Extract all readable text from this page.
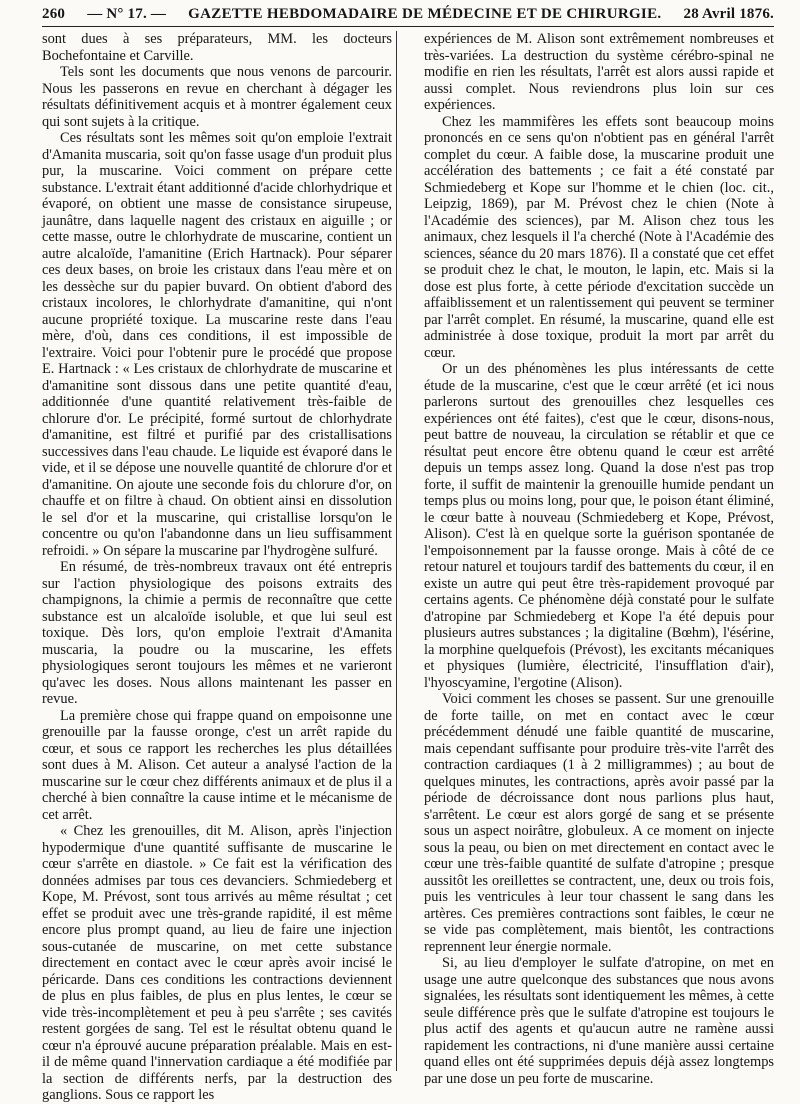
260 — N° 17. — GAZETTE HEBDOMADAIRE DE MÉDECINE ET DE CHIRURGIE. 28 Avril 1876.

sont dues à ses préparateurs, MM. les docteurs Bochefontaine et Carville.

Tels sont les documents que nous venons de parcourir. Nous les passerons en revue en cherchant à dégager les résultats définitivement acquis et à montrer également ceux qui sont sujets à la critique.

Ces résultats sont les mêmes soit qu'on emploie l'extrait d'Amanita muscaria, soit qu'on fasse usage d'un produit plus pur, la muscarine. Voici comment on prépare cette substance. L'extrait étant additionné d'acide chlorhydrique et évaporé, on obtient une masse de consistance sirupeuse, jaunâtre, dans laquelle nagent des cristaux en aiguille ; or cette masse, outre le chlorhydrate de muscarine, contient un autre alcaloïde, l'amanitine (Erich Hartnack). Pour séparer ces deux bases, on broie les cristaux dans l'eau mère et on les dessèche sur du papier buvard. On obtient d'abord des cristaux incolores, le chlorhydrate d'amanitine, qui n'ont aucune propriété toxique. La muscarine reste dans l'eau mère, d'où, dans ces conditions, il est impossible de l'extraire. Voici pour l'obtenir pure le procédé que propose E. Hartnack : « Les cristaux de chlorhydrate de muscarine et d'amanitine sont dissous dans une petite quantité d'eau, additionnée d'une quantité relativement très-faible de chlorure d'or. Le précipité, formé surtout de chlorhydrate d'amanitine, est filtré et purifié par des cristallisations successives dans l'eau chaude. Le liquide est évaporé dans le vide, et il se dépose une nouvelle quantité de chlorure d'or et d'amanitine. On ajoute une seconde fois du chlorure d'or, on chauffe et on filtre à chaud. On obtient ainsi en dissolution le sel d'or et la muscarine, qui cristallise lorsqu'on le concentre ou qu'on l'abandonne dans un lieu suffisamment refroidi. » On sépare la muscarine par l'hydrogène sulfuré.

En résumé, de très-nombreux travaux ont été entrepris sur l'action physiologique des poisons extraits des champignons, la chimie a permis de reconnaître que cette substance est un alcaloïde isoluble, et que lui seul est toxique. Dès lors, qu'on emploie l'extrait d'Amanita muscaria, la poudre ou la muscarine, les effets physiologiques seront toujours les mêmes et ne varieront qu'avec les doses. Nous allons maintenant les passer en revue.

La première chose qui frappe quand on empoisonne une grenouille par la fausse oronge, c'est un arrêt rapide du cœur, et sous ce rapport les recherches les plus détaillées sont dues à M. Alison. Cet auteur a analysé l'action de la muscarine sur le cœur chez différents animaux et de plus il a cherché à bien connaître la cause intime et le mécanisme de cet arrêt.

« Chez les grenouilles, dit M. Alison, après l'injection hypodermique d'une quantité suffisante de muscarine le cœur s'arrête en diastole. » Ce fait est la vérification des données admises par tous ces devanciers. Schmiedeberg et Kope, M. Prévost, sont tous arrivés au même résultat ; cet effet se produit avec une très-grande rapidité, il est même encore plus prompt quand, au lieu de faire une injection sous-cutanée de muscarine, on met cette substance directement en contact avec le cœur après avoir incisé le péricarde. Dans ces conditions les contractions deviennent de plus en plus faibles, de plus en plus lentes, le cœur se vide très-incomplètement et peu à peu s'arrête ; ses cavités restent gorgées de sang. Tel est le résultat obtenu quand le cœur n'a éprouvé aucune préparation préalable. Mais en est-il de même quand l'innervation cardiaque a été modifiée par la section de différents nerfs, par la destruction des ganglions. Sous ce rapport les

expériences de M. Alison sont extrêmement nombreuses et très-variées. La destruction du système cérébro-spinal ne modifie en rien les résultats, l'arrêt est alors aussi rapide et aussi complet. Nous reviendrons plus loin sur ces expériences.

Chez les mammifères les effets sont beaucoup moins prononcés en ce sens qu'on n'obtient pas en général l'arrêt complet du cœur. A faible dose, la muscarine produit une accélération des battements ; ce fait a été constaté par Schmiedeberg et Kope sur l'homme et le chien (loc. cit., Leipzig, 1869), par M. Prévost chez le chien (Note à l'Académie des sciences), par M. Alison chez tous les animaux, chez lesquels il l'a cherché (Note à l'Académie des sciences, séance du 20 mars 1876). Il a constaté que cet effet se produit chez le chat, le mouton, le lapin, etc. Mais si la dose est plus forte, à cette période d'excitation succède un affaiblissement et un ralentissement qui peuvent se terminer par l'arrêt complet. En résumé, la muscarine, quand elle est administrée à dose toxique, produit la mort par arrêt du cœur.

Or un des phénomènes les plus intéressants de cette étude de la muscarine, c'est que le cœur arrêté (et ici nous parlerons surtout des grenouilles chez lesquelles ces expériences ont été faites), c'est que le cœur, disons-nous, peut battre de nouveau, la circulation se rétablir et que ce résultat peut encore être obtenu quand le cœur est arrêté depuis un temps assez long. Quand la dose n'est pas trop forte, il suffit de maintenir la grenouille humide pendant un temps plus ou moins long, pour que, le poison étant éliminé, le cœur batte à nouveau (Schmiedeberg et Kope, Prévost, Alison). C'est là en quelque sorte la guérison spontanée de l'empoisonnement par la fausse oronge. Mais à côté de ce retour naturel et toujours tardif des battements du cœur, il en existe un autre qui peut être très-rapidement provoqué par certains agents. Ce phénomène déjà constaté pour le sulfate d'atropine par Schmiedeberg et Kope l'a été depuis pour plusieurs autres substances ; la digitaline (Bœhm), l'ésérine, la morphine quelquefois (Prévost), les excitants mécaniques et physiques (lumière, électricité, l'insufflation d'air), l'hyoscyamine, l'ergotine (Alison).

Voici comment les choses se passent. Sur une grenouille de forte taille, on met en contact avec le cœur précédemment dénudé une faible quantité de muscarine, mais cependant suffisante pour produire très-vite l'arrêt des contraction cardiaques (1 à 2 milligrammes) ; au bout de quelques minutes, les contractions, après avoir passé par la période de décroissance dont nous parlions plus haut, s'arrêtent. Le cœur est alors gorgé de sang et se présente sous un aspect noirâtre, globuleux. A ce moment on injecte sous la peau, ou bien on met directement en contact avec le cœur une très-faible quantité de sulfate d'atropine ; presque aussitôt les oreillettes se contractent, une, deux ou trois fois, puis les ventricules à leur tour chassent le sang dans les artères. Ces premières contractions sont faibles, le cœur ne se vide pas complètement, mais bientôt, les contractions reprennent leur énergie normale.

Si, au lieu d'employer le sulfate d'atropine, on met en usage une autre quelconque des substances que nous avons signalées, les résultats sont identiquement les mêmes, à cette seule différence près que le sulfate d'atropine est toujours le plus actif des agents et qu'aucun autre ne ramène aussi rapidement les contractions, ni d'une manière aussi certaine quand elles ont été supprimées depuis déjà assez longtemps par une dose un peu forte de muscarine.
